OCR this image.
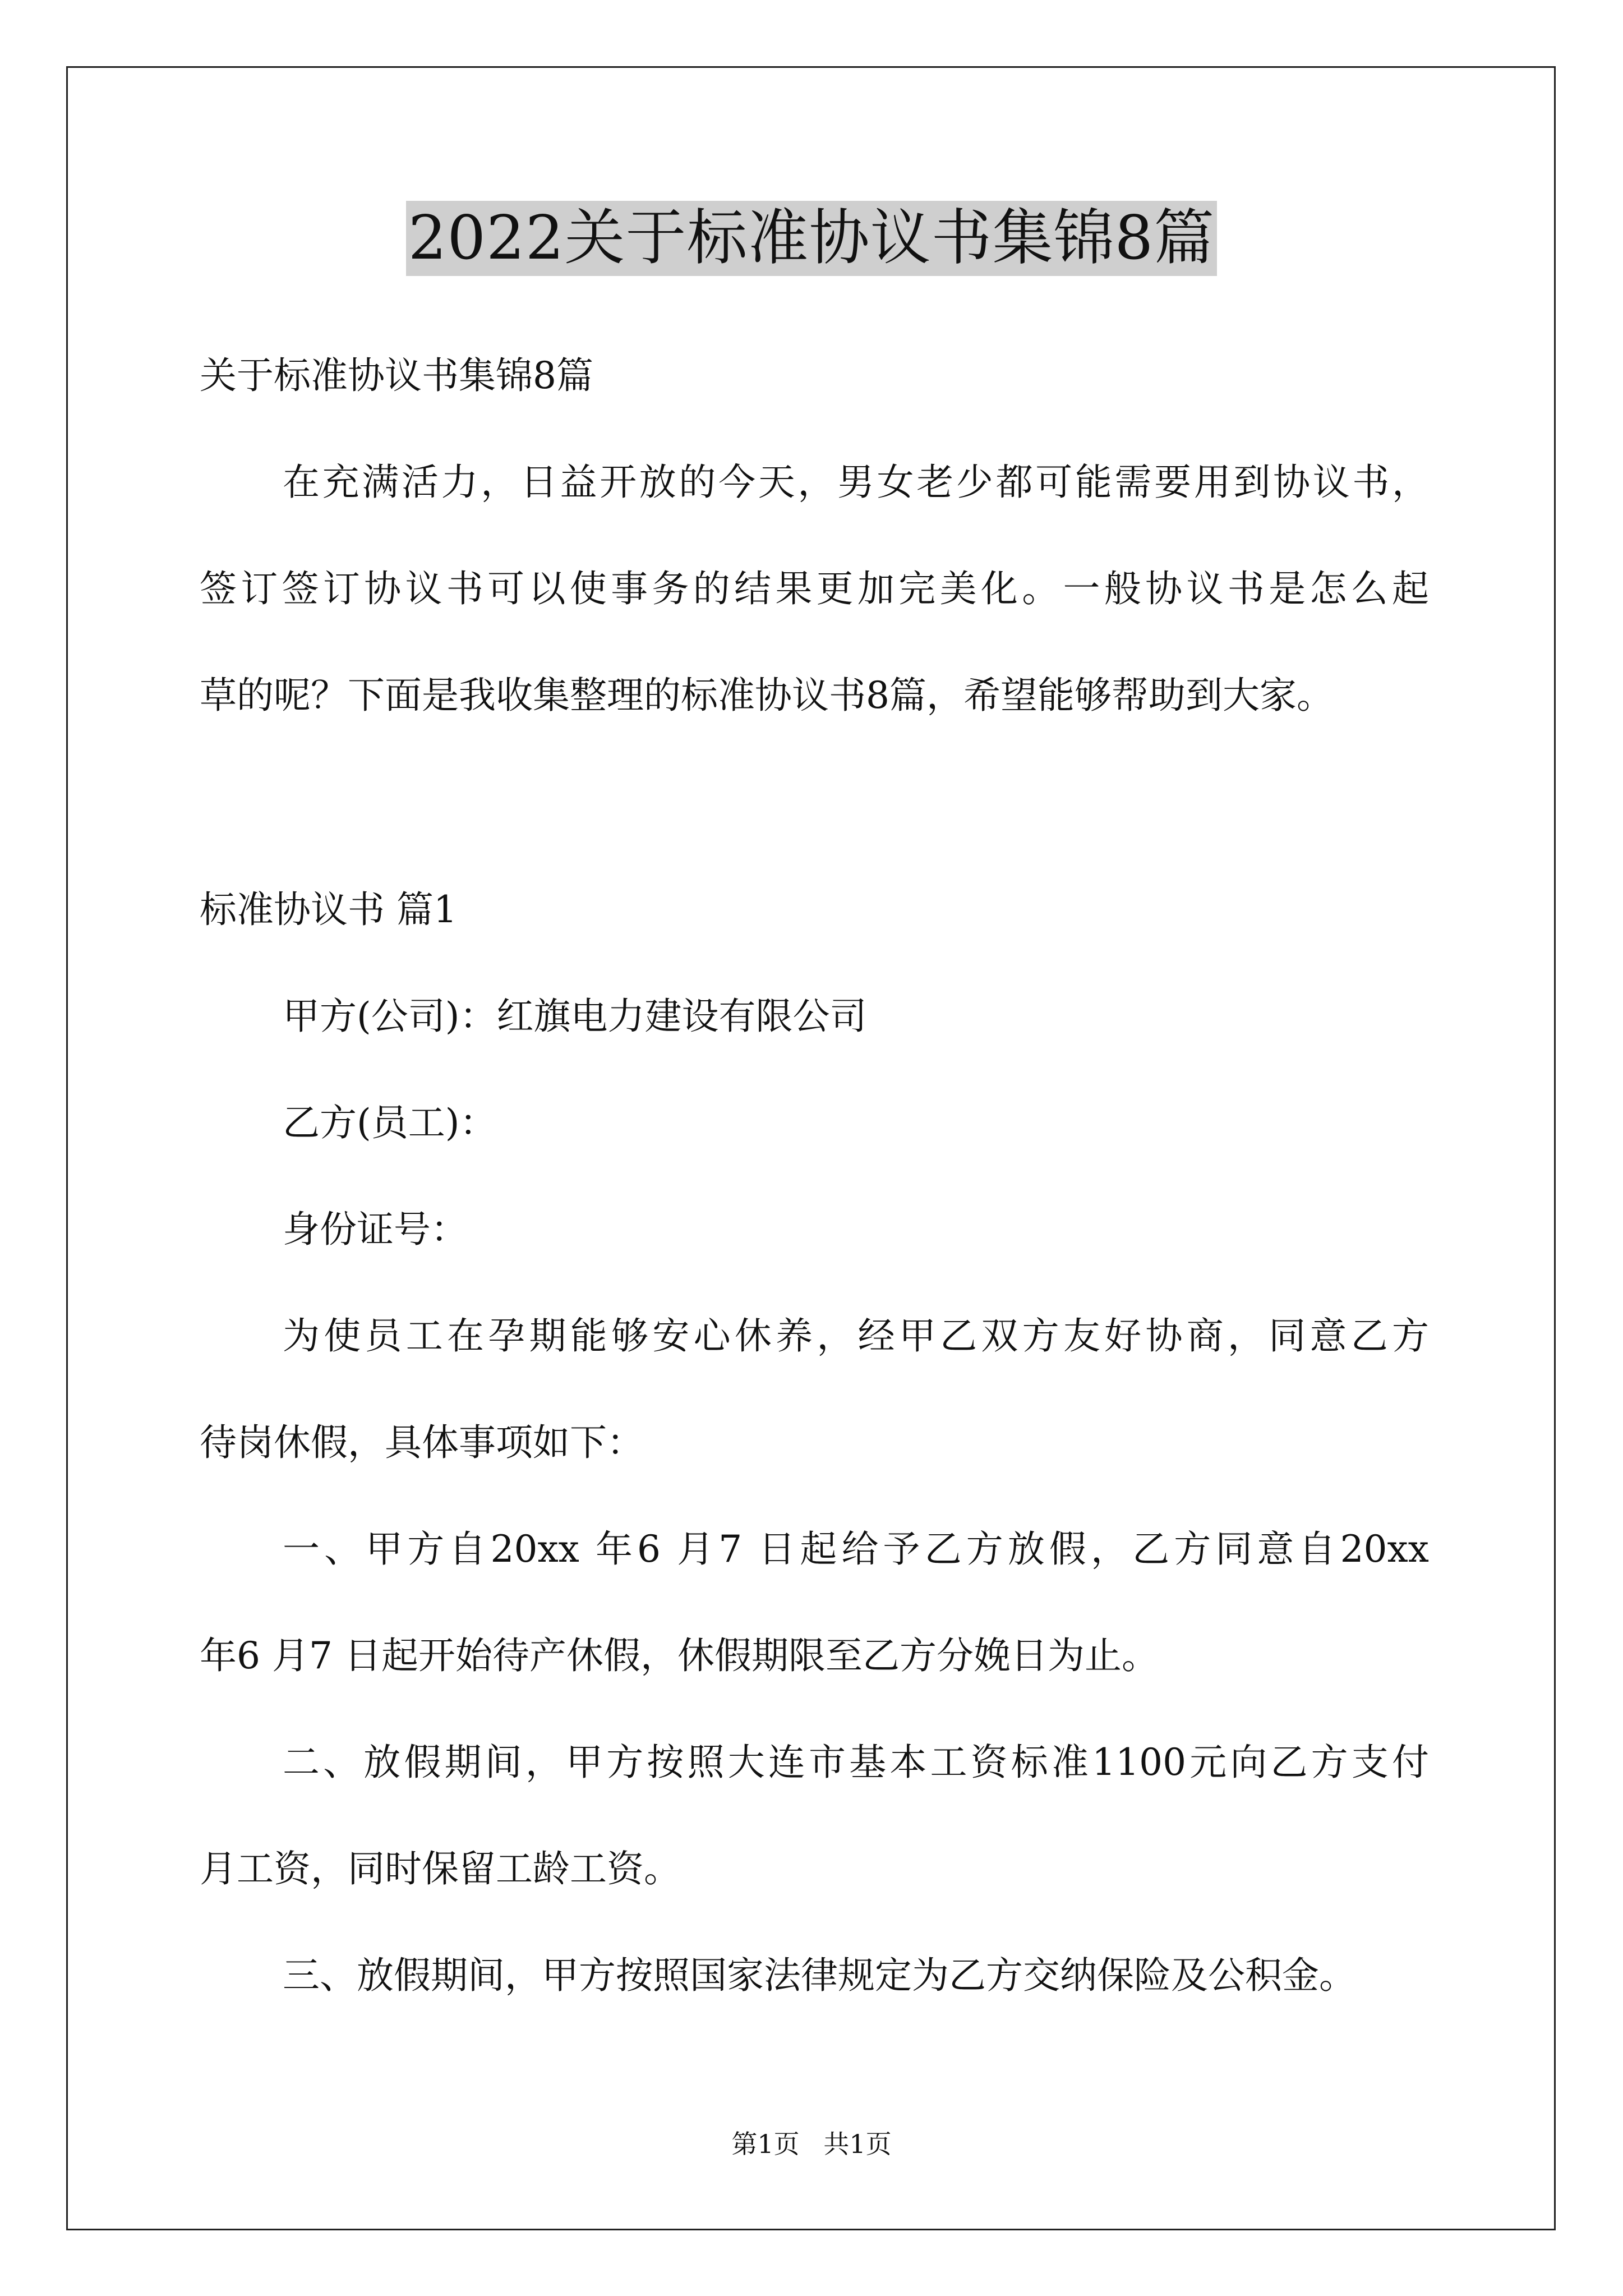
2022关于标准协议书集锦8篇
关于标准协议书集锦8篇
在充满活力，日益开放的今天，男女老少都可能需要用到协议书，
签订签订协议书可以使事务的结果更加完美化。一般协议书是怎么起
草的呢？下面是我收集整理的标准协议书8篇，希望能够帮助到大家。
标准协议书 篇1
甲方(公司)：红旗电力建设有限公司
乙方(员工)：
身份证号：
为使员工在孕期能够安心休养，经甲乙双方友好协商，同意乙方
待岗休假，具体事项如下：
一、甲方自20xx 年6 月7 日起给予乙方放假，乙方同意自20xx
年6 月7 日起开始待产休假，休假期限至乙方分娩日为止。
二、放假期间，甲方按照大连市基本工资标准1100元向乙方支付
月工资，同时保留工龄工资。
三、放假期间，甲方按照国家法律规定为乙方交纳保险及公积金。
第1页 共1页
